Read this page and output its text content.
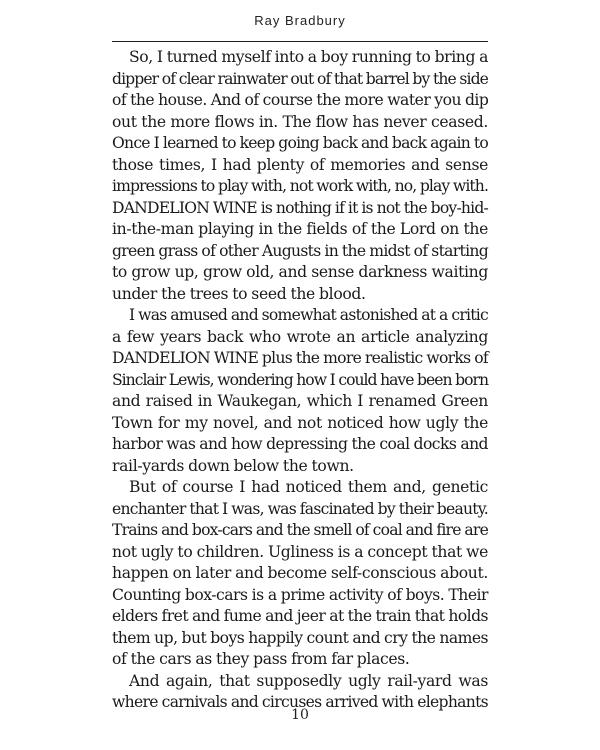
Ray Bradbury
So, I turned myself into a boy running to bring a
dipper of clear rainwater out of that barrel by the side
of the house. And of course the more water you dip
out the more flows in. The flow has never ceased.
Once I learned to keep going back and back again to
those times, I had plenty of memories and sense
impressions to play with, not work with, no, play with.
DANDELION WINE is nothing if it is not the boy-hid-
in-the-man playing in the fields of the Lord on the
green grass of other Augusts in the midst of starting
to grow up, grow old, and sense darkness waiting
under the trees to seed the blood.
I was amused and somewhat astonished at a critic
a few years back who wrote an article analyzing
DANDELION WINE plus the more realistic works of
Sinclair Lewis, wondering how I could have been born
and raised in Waukegan, which I renamed Green
Town for my novel, and not noticed how ugly the
harbor was and how depressing the coal docks and
rail-yards down below the town.
But of course I had noticed them and, genetic
enchanter that I was, was fascinated by their beauty.
Trains and box-cars and the smell of coal and fire are
not ugly to children. Ugliness is a concept that we
happen on later and become self-conscious about.
Counting box-cars is a prime activity of boys. Their
elders fret and fume and jeer at the train that holds
them up, but boys happily count and cry the names
of the cars as they pass from far places.
And again, that supposedly ugly rail-yard was
where carnivals and circuses arrived with elephants
10
